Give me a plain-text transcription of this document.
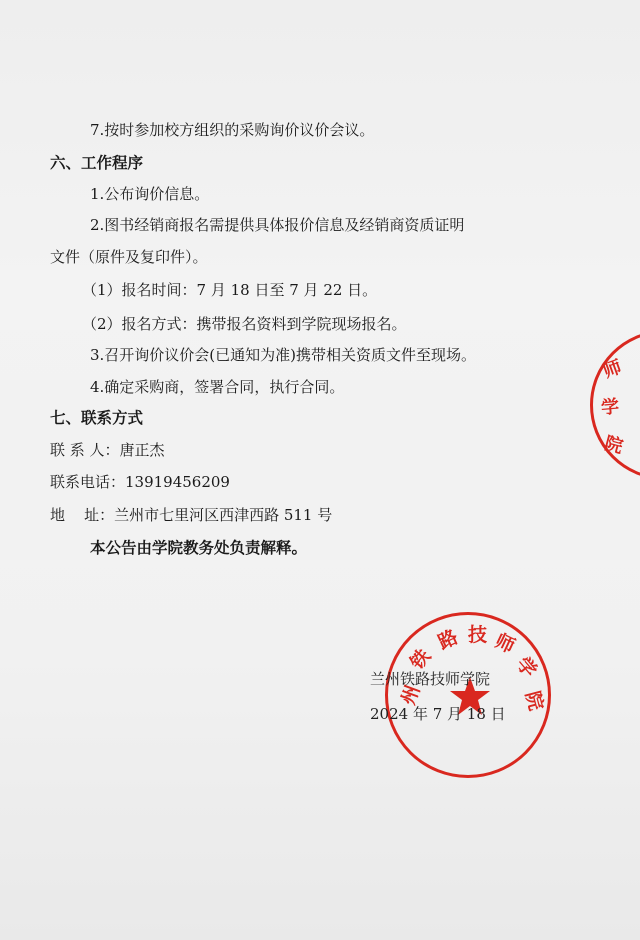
7.按时参加校方组织的采购询价议价会议。
六、工作程序
1.公布询价信息。
2.图书经销商报名需提供具体报价信息及经销商资质证明
文件（原件及复印件）。
（1）报名时间：7 月 18 日至 7 月 22 日。
（2）报名方式：携带报名资料到学院现场报名。
3.召开询价议价会(已通知为准)携带相关资质文件至现场。
4.确定采购商，签署合同，执行合同。
七、联系方式
联 系 人：唐正杰
联系电话：13919456209
地    址：兰州市七里河区西津西路 511 号
本公告由学院教务处负责解释。
师
学
院
州
铁
路 技 师
学
院
兰州铁路技师学院
2024 年 7 月 18 日
